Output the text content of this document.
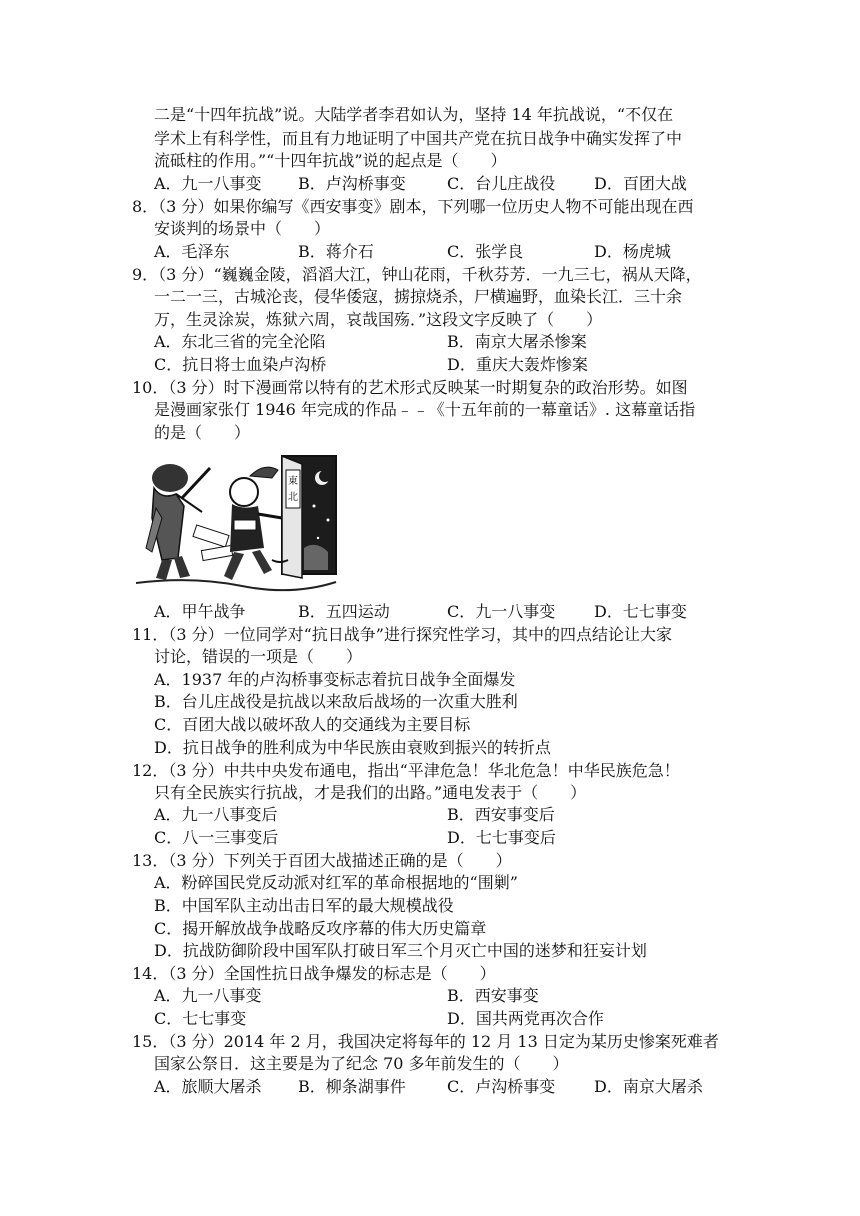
二是“十四年抗战”说。大陆学者李君如认为，坚持 14 年抗战说，“不仅在
学术上有科学性，而且有力地证明了中国共产党在抗日战争中确实发挥了中
流砥柱的作用。”“十四年抗战”说的起点是（　　）
A．九一八事变 B．卢沟桥事变	C．台儿庄战役 D．百团大战
8．（3 分）如果你编写《西安事变》剧本，下列哪一位历史人物不可能出现在西
安谈判的场景中（　　）
A．毛泽东	B．蒋介石	C．张学良	D．杨虎城
9．（3 分）“巍巍金陵，滔滔大江，钟山花雨，千秋芬芳．一九三七，祸从天降，
一二一三，古城沦丧，侵华倭寇，掳掠烧杀，尸横遍野，血染长江．三十余
万，生灵涂炭，炼狱六周，哀哉国殇．”这段文字反映了（　　）
A．东北三省的完全沦陷	B．南京大屠杀惨案
C．抗日将士血染卢沟桥	D．重庆大轰炸惨案
10．（3 分）时下漫画常以特有的艺术形式反映某一时期复杂的政治形势。如图
是漫画家张仃 1946 年完成的作品﹣﹣《十五年前的一幕童话》. 这幕童话指
的是（　　）
東
北
A．甲午战争	B．五四运动	C．九一八事变 D．七七事变
11．（3 分）一位同学对“抗日战争”进行探究性学习，其中的四点结论让大家
讨论，错误的一项是（　　）
A．1937 年的卢沟桥事变标志着抗日战争全面爆发
B．台儿庄战役是抗战以来敌后战场的一次重大胜利
C．百团大战以破坏敌人的交通线为主要目标
D．抗日战争的胜利成为中华民族由衰败到振兴的转折点
12．（3 分）中共中央发布通电，指出“平津危急！华北危急！中华民族危急！
只有全民族实行抗战，才是我们的出路。”通电发表于（　　）
A．九一八事变后	B．西安事变后
C．八一三事变后	D．七七事变后
13．（3 分）下列关于百团大战描述正确的是（　　）
A．粉碎国民党反动派对红军的革命根据地的“围剿”
B．中国军队主动出击日军的最大规模战役
C．揭开解放战争战略反攻序幕的伟大历史篇章
D．抗战防御阶段中国军队打破日军三个月灭亡中国的迷梦和狂妄计划
14．（3 分）全国性抗日战争爆发的标志是（　　）
A．九一八事变	B．西安事变
C．七七事变	D．国共两党再次合作
15．（3 分）2014 年 2 月，我国决定将每年的 12 月 13 日定为某历史惨案死难者
国家公祭日．这主要是为了纪念 70 多年前发生的（　　）
A．旅顺大屠杀 B．柳条湖事件	C．卢沟桥事变 D．南京大屠杀
